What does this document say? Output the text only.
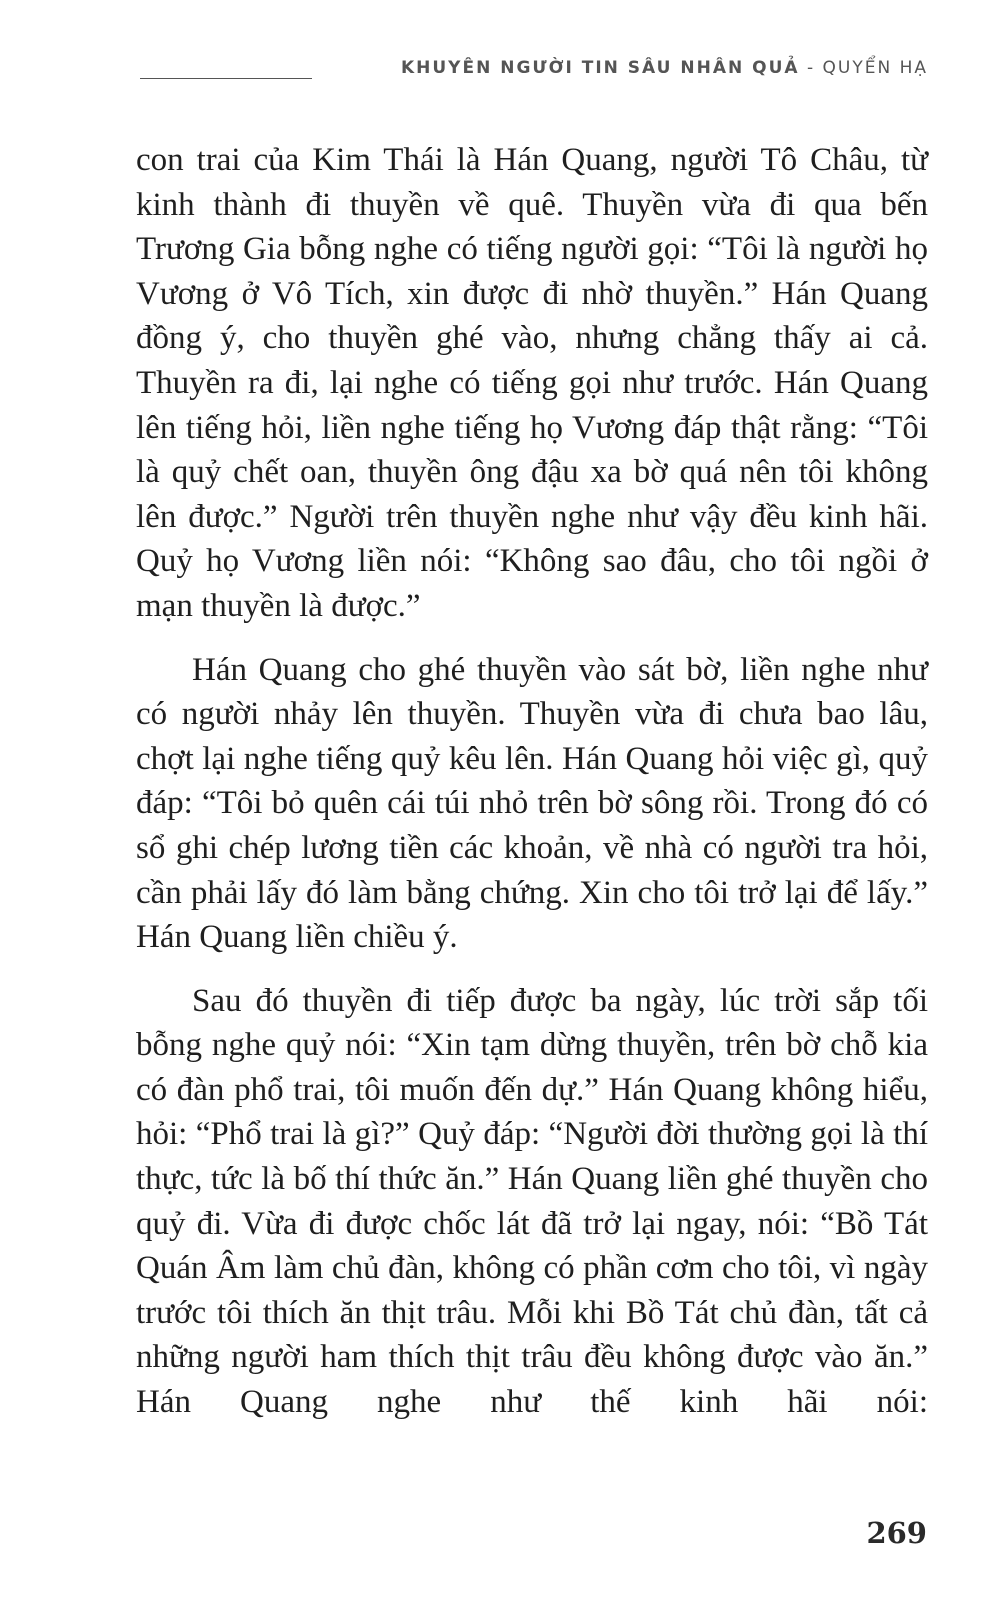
KHUYÊN NGƯỜI TIN SÂU NHÂN QUẢ - QUYỂN HẠ

con trai của Kim Thái là Hán Quang, người Tô Châu, từ kinh thành đi thuyền về quê. Thuyền vừa đi qua bến Trương Gia bỗng nghe có tiếng người gọi: “Tôi là người họ Vương ở Vô Tích, xin được đi nhờ thuyền.” Hán Quang đồng ý, cho thuyền ghé vào, nhưng chẳng thấy ai cả. Thuyền ra đi, lại nghe có tiếng gọi như trước. Hán Quang lên tiếng hỏi, liền nghe tiếng họ Vương đáp thật rằng: “Tôi là quỷ chết oan, thuyền ông đậu xa bờ quá nên tôi không lên được.” Người trên thuyền nghe như vậy đều kinh hãi. Quỷ họ Vương liền nói: “Không sao đâu, cho tôi ngồi ở mạn thuyền là được.”

Hán Quang cho ghé thuyền vào sát bờ, liền nghe như có người nhảy lên thuyền. Thuyền vừa đi chưa bao lâu, chợt lại nghe tiếng quỷ kêu lên. Hán Quang hỏi việc gì, quỷ đáp: “Tôi bỏ quên cái túi nhỏ trên bờ sông rồi. Trong đó có sổ ghi chép lương tiền các khoản, về nhà có người tra hỏi, cần phải lấy đó làm bằng chứng. Xin cho tôi trở lại để lấy.” Hán Quang liền chiều ý.

Sau đó thuyền đi tiếp được ba ngày, lúc trời sắp tối bỗng nghe quỷ nói: “Xin tạm dừng thuyền, trên bờ chỗ kia có đàn phổ trai, tôi muốn đến dự.” Hán Quang không hiểu, hỏi: “Phổ trai là gì?” Quỷ đáp: “Người đời thường gọi là thí thực, tức là bố thí thức ăn.” Hán Quang liền ghé thuyền cho quỷ đi. Vừa đi được chốc lát đã trở lại ngay, nói: “Bồ Tát Quán Âm làm chủ đàn, không có phần cơm cho tôi, vì ngày trước tôi thích ăn thịt trâu. Mỗi khi Bồ Tát chủ đàn, tất cả những người ham thích thịt trâu đều không được vào ăn.” Hán Quang nghe như thế kinh hãi nói:

269
